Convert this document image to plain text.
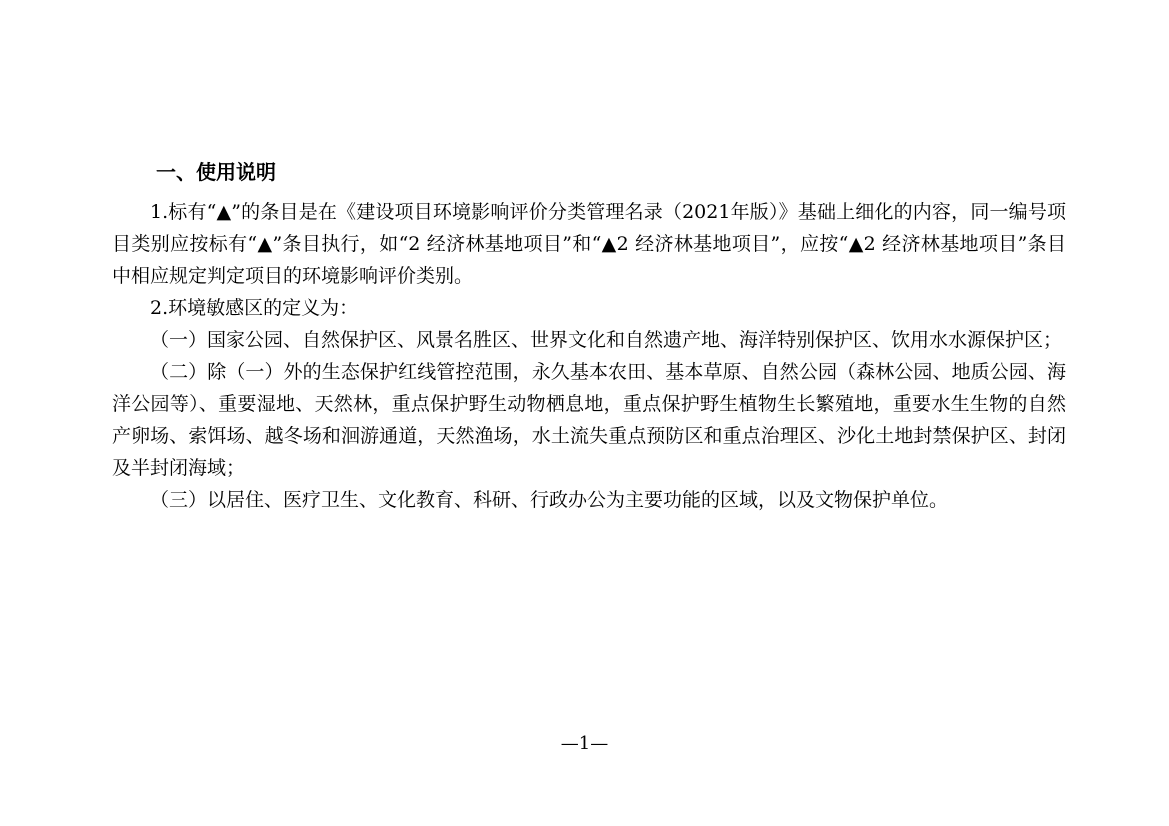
一、使用说明

1.标有“▲”的条目是在《建设项目环境影响评价分类管理名录（2021年版）》基础上细化的内容，同一编号项目类别应按标有“▲”条目执行，如“2 经济林基地项目”和“▲2 经济林基地项目”，应按“▲2 经济林基地项目”条目中相应规定判定项目的环境影响评价类别。

2.环境敏感区的定义为：

（一）国家公园、自然保护区、风景名胜区、世界文化和自然遗产地、海洋特别保护区、饮用水水源保护区；

（二）除（一）外的生态保护红线管控范围，永久基本农田、基本草原、自然公园（森林公园、地质公园、海洋公园等）、重要湿地、天然林，重点保护野生动物栖息地，重点保护野生植物生长繁殖地，重要水生生物的自然产卵场、索饵场、越冬场和洄游通道，天然渔场，水土流失重点预防区和重点治理区、沙化土地封禁保护区、封闭及半封闭海域；

（三）以居住、医疗卫生、文化教育、科研、行政办公为主要功能的区域，以及文物保护单位。

—1—
